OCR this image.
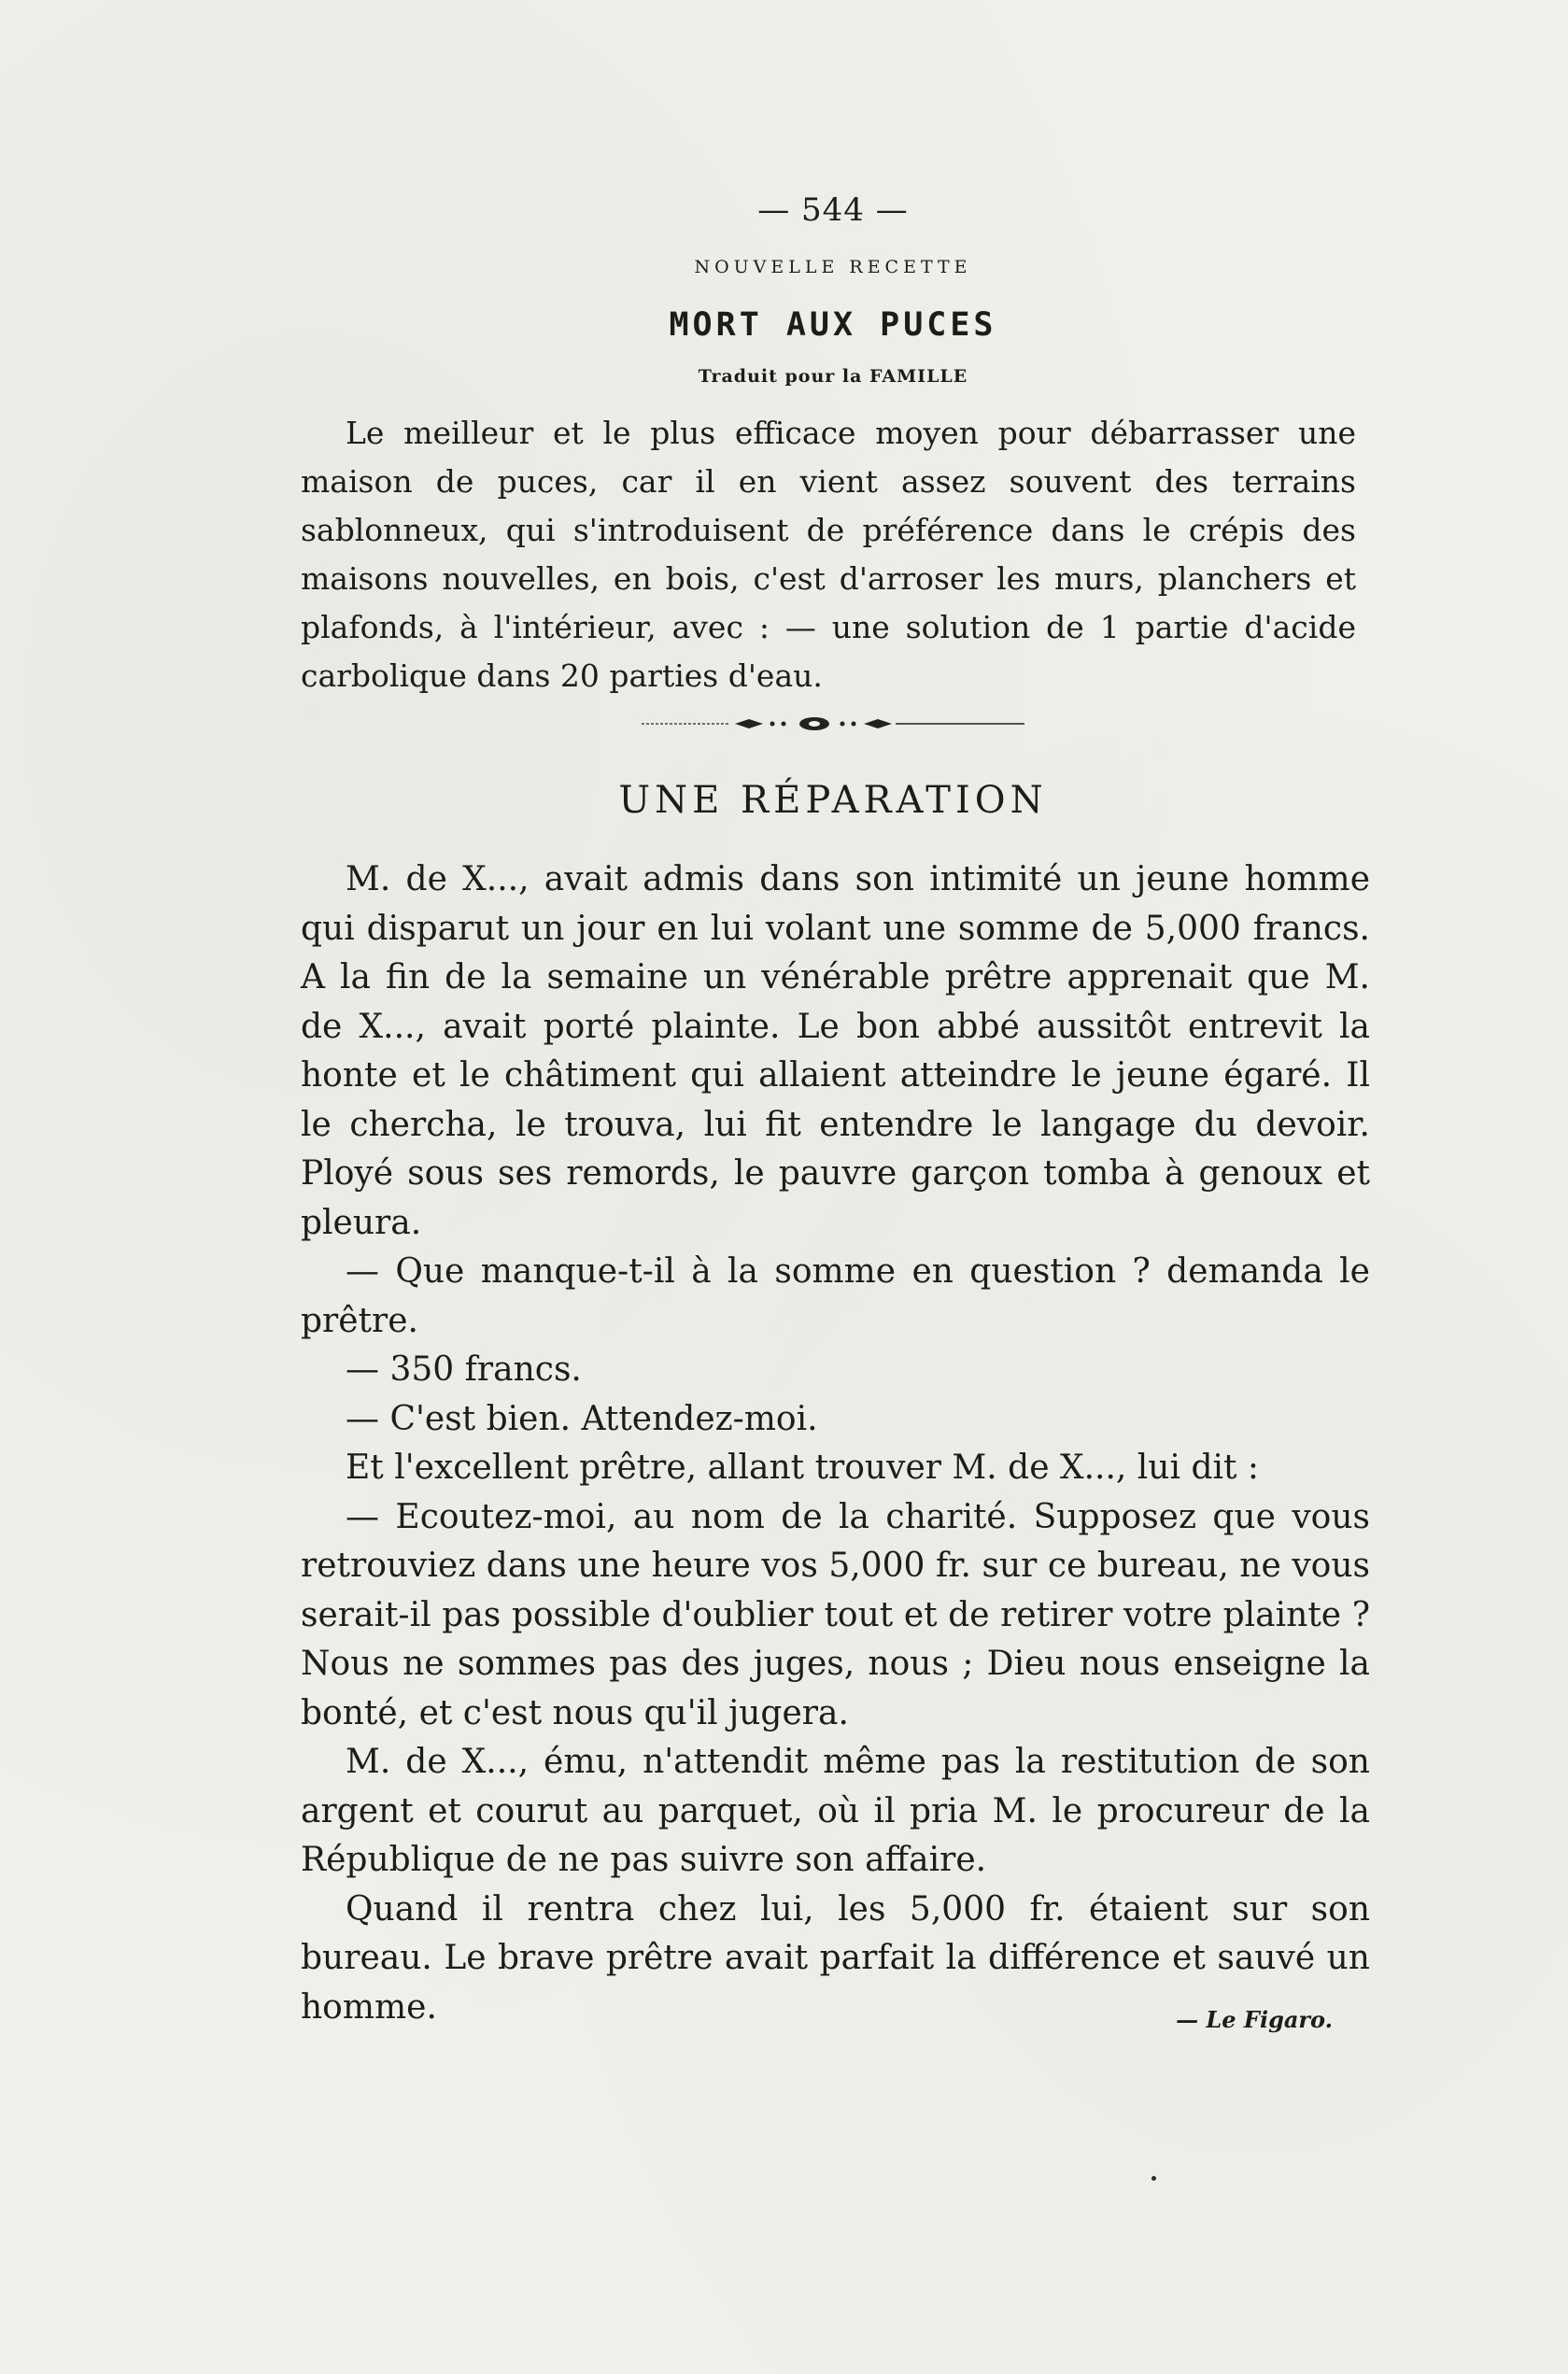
— 544 —
NOUVELLE RECETTE
MORT AUX PUCES
Traduit pour la FAMILLE

Le meilleur et le plus efficace moyen pour débarrasser une maison de puces, car il en vient assez souvent des terrains sablonneux, qui s'introduisent de préférence dans le crépis des maisons nouvelles, en bois, c'est d'arroser les murs, planchers et plafonds, à l'intérieur, avec : — une solution de 1 partie d'acide carbolique dans 20 parties d'eau.

UNE RÉPARATION

M. de X..., avait admis dans son intimité un jeune homme qui disparut un jour en lui volant une somme de 5,000 francs. A la fin de la semaine un vénérable prêtre apprenait que M. de X..., avait porté plainte. Le bon abbé aussitôt entrevit la honte et le châtiment qui allaient atteindre le jeune égaré. Il le chercha, le trouva, lui fit entendre le langage du devoir. Ployé sous ses remords, le pauvre garçon tomba à genoux et pleura.

— Que manque-t-il à la somme en question ? demanda le prêtre.

— 350 francs.

— C'est bien. Attendez-moi.

Et l'excellent prêtre, allant trouver M. de X..., lui dit :

— Ecoutez-moi, au nom de la charité. Supposez que vous retrouviez dans une heure vos 5,000 fr. sur ce bureau, ne vous serait-il pas possible d'oublier tout et de retirer votre plainte ? Nous ne sommes pas des juges, nous ; Dieu nous enseigne la bonté, et c'est nous qu'il jugera.

M. de X..., ému, n'attendit même pas la restitution de son argent et courut au parquet, où il pria M. le procureur de la République de ne pas suivre son affaire.

Quand il rentra chez lui, les 5,000 fr. étaient sur son bureau. Le brave prêtre avait parfait la différence et sauvé un homme.	— Le Figaro.
